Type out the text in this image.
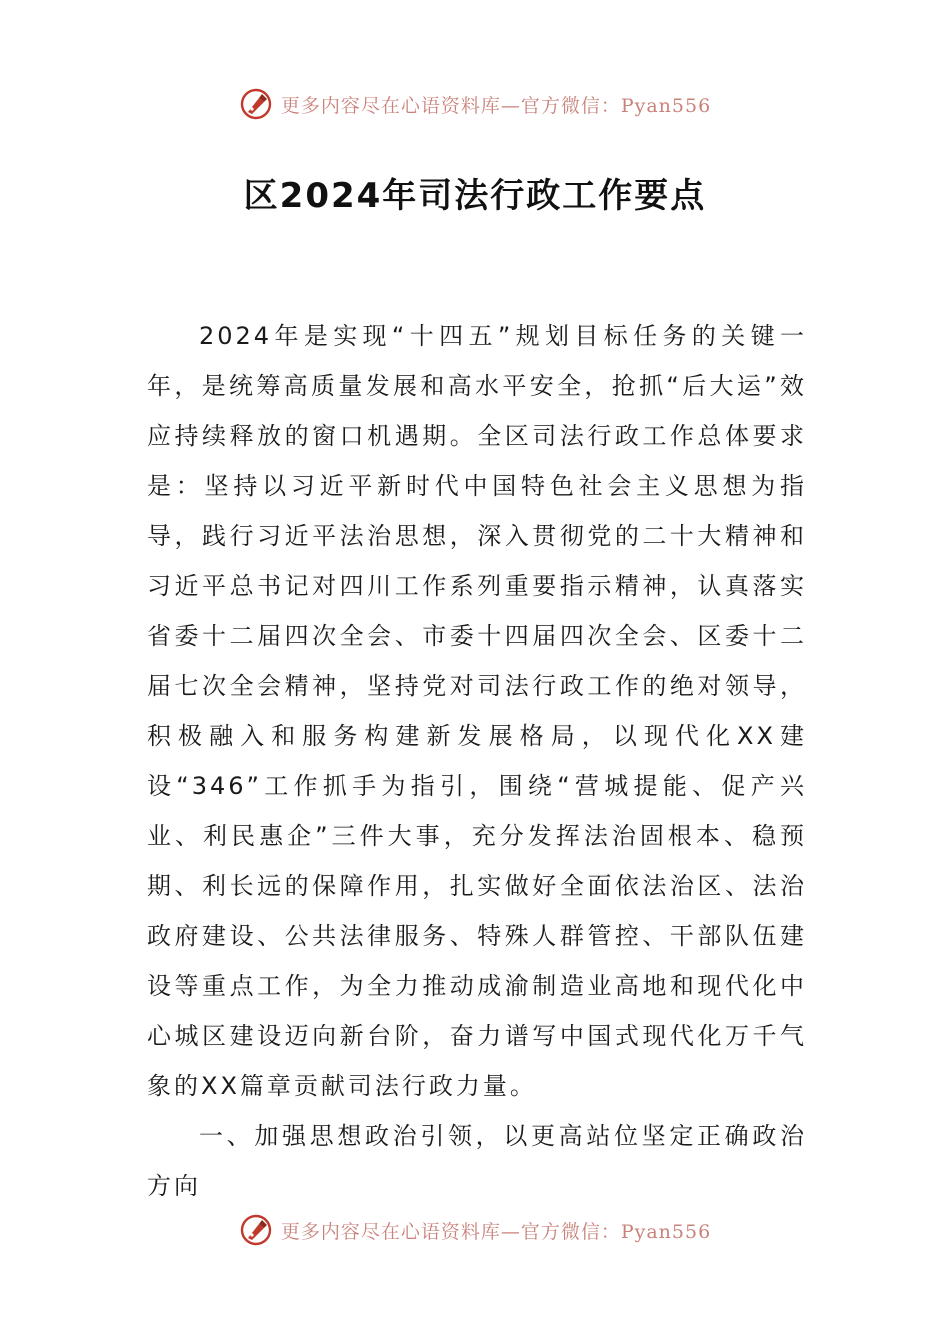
更多内容尽在心语资料库—官方微信：Pyan556
区2024年司法行政工作要点

2024年是实现“十四五”规划目标任务的关键一年，是统筹高质量发展和高水平安全，抢抓“后大运”效应持续释放的窗口机遇期。全区司法行政工作总体要求是：坚持以习近平新时代中国特色社会主义思想为指导，践行习近平法治思想，深入贯彻党的二十大精神和习近平总书记对四川工作系列重要指示精神，认真落实省委十二届四次全会、市委十四届四次全会、区委十二届七次全会精神，坚持党对司法行政工作的绝对领导，积极融入和服务构建新发展格局，以现代化XX建设“346”工作抓手为指引，围绕“营城提能、促产兴业、利民惠企”三件大事，充分发挥法治固根本、稳预期、利长远的保障作用，扎实做好全面依法治区、法治政府建设、公共法律服务、特殊人群管控、干部队伍建设等重点工作，为全力推动成渝制造业高地和现代化中心城区建设迈向新台阶，奋力谱写中国式现代化万千气象的XX篇章贡献司法行政力量。

一、加强思想政治引领，以更高站位坚定正确政治方向

更多内容尽在心语资料库—官方微信：Pyan556
